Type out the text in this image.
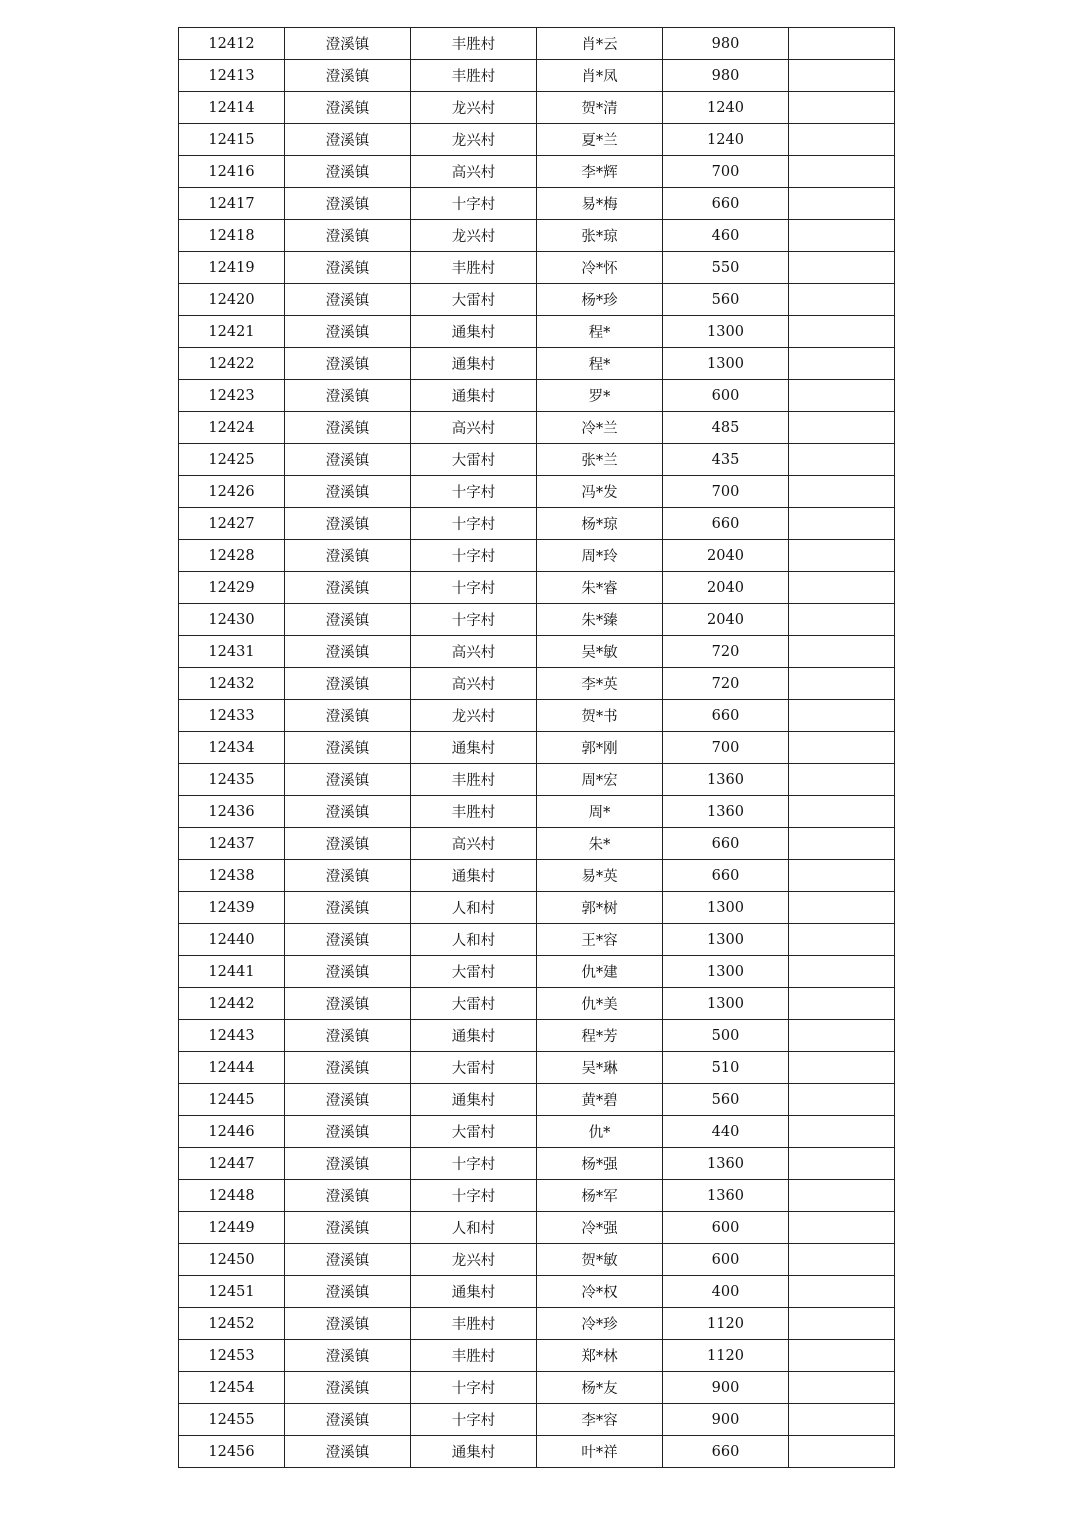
12412	澄溪镇	丰胜村	肖*云	980	
12413	澄溪镇	丰胜村	肖*凤	980	
12414	澄溪镇	龙兴村	贺*清	1240	
12415	澄溪镇	龙兴村	夏*兰	1240	
12416	澄溪镇	高兴村	李*辉	700	
12417	澄溪镇	十字村	易*梅	660	
12418	澄溪镇	龙兴村	张*琼	460	
12419	澄溪镇	丰胜村	冷*怀	550	
12420	澄溪镇	大雷村	杨*珍	560	
12421	澄溪镇	通集村	程*	1300	
12422	澄溪镇	通集村	程*	1300	
12423	澄溪镇	通集村	罗*	600	
12424	澄溪镇	高兴村	冷*兰	485	
12425	澄溪镇	大雷村	张*兰	435	
12426	澄溪镇	十字村	冯*发	700	
12427	澄溪镇	十字村	杨*琼	660	
12428	澄溪镇	十字村	周*玲	2040	
12429	澄溪镇	十字村	朱*睿	2040	
12430	澄溪镇	十字村	朱*臻	2040	
12431	澄溪镇	高兴村	吴*敏	720	
12432	澄溪镇	高兴村	李*英	720	
12433	澄溪镇	龙兴村	贺*书	660	
12434	澄溪镇	通集村	郭*刚	700	
12435	澄溪镇	丰胜村	周*宏	1360	
12436	澄溪镇	丰胜村	周*	1360	
12437	澄溪镇	高兴村	朱*	660	
12438	澄溪镇	通集村	易*英	660	
12439	澄溪镇	人和村	郭*树	1300	
12440	澄溪镇	人和村	王*容	1300	
12441	澄溪镇	大雷村	仇*建	1300	
12442	澄溪镇	大雷村	仇*美	1300	
12443	澄溪镇	通集村	程*芳	500	
12444	澄溪镇	大雷村	吴*琳	510	
12445	澄溪镇	通集村	黄*碧	560	
12446	澄溪镇	大雷村	仇*	440	
12447	澄溪镇	十字村	杨*强	1360	
12448	澄溪镇	十字村	杨*军	1360	
12449	澄溪镇	人和村	冷*强	600	
12450	澄溪镇	龙兴村	贺*敏	600	
12451	澄溪镇	通集村	冷*权	400	
12452	澄溪镇	丰胜村	冷*珍	1120	
12453	澄溪镇	丰胜村	郑*林	1120	
12454	澄溪镇	十字村	杨*友	900	
12455	澄溪镇	十字村	李*容	900	
12456	澄溪镇	通集村	叶*祥	660	
